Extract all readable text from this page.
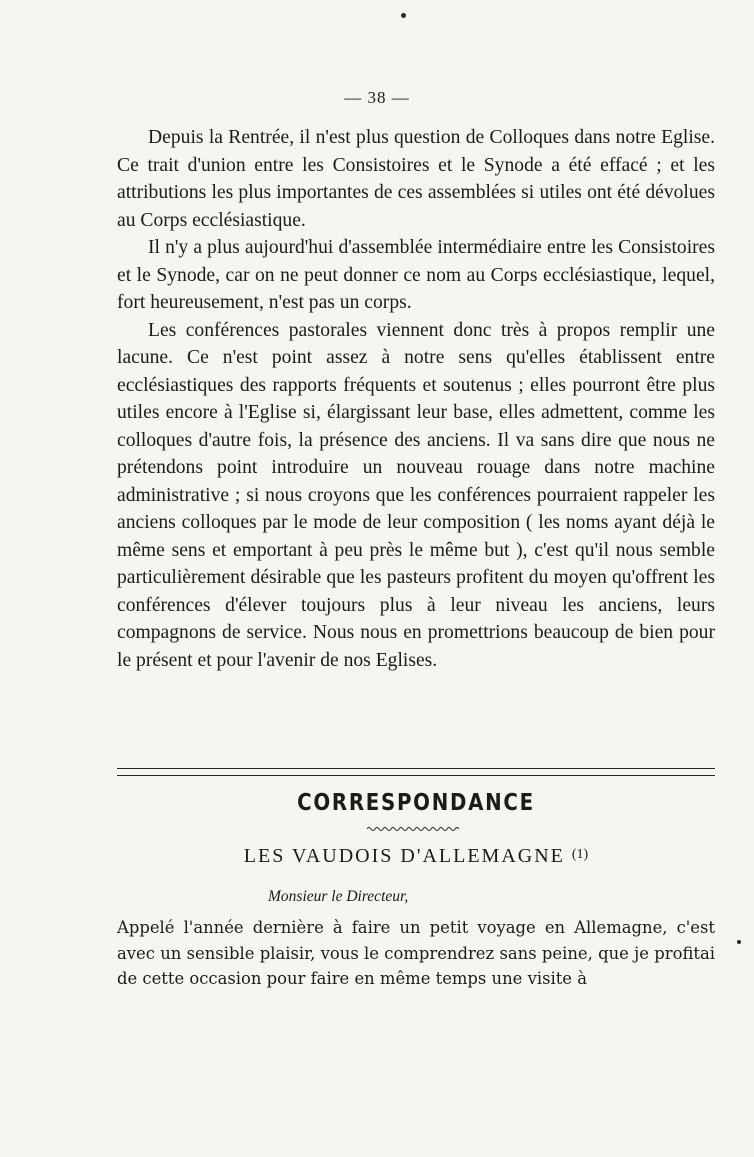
— 38 —

Depuis la Rentrée, il n'est plus question de Colloques dans notre Eglise. Ce trait d'union entre les Consistoires et le Synode a été effacé ; et les attributions les plus importantes de ces assemblées si utiles ont été dévolues au Corps ecclésiastique.

Il n'y a plus aujourd'hui d'assemblée intermédiaire entre les Consistoires et le Synode, car on ne peut donner ce nom au Corps ecclésiastique, lequel, fort heureusement, n'est pas un corps.

Les conférences pastorales viennent donc très à propos remplir une lacune. Ce n'est point assez à notre sens qu'elles établissent entre ecclésiastiques des rapports fréquents et soutenus ; elles pourront être plus utiles encore à l'Eglise si, élargissant leur base, elles admettent, comme les colloques d'autre fois, la présence des anciens. Il va sans dire que nous ne prétendons point introduire un nouveau rouage dans notre machine administrative ; si nous croyons que les conférences pourraient rappeler les anciens colloques par le mode de leur composition ( les noms ayant déjà le même sens et emportant à peu près le même but ), c'est qu'il nous semble particulièrement désirable que les pasteurs profitent du moyen qu'offrent les conférences d'élever toujours plus à leur niveau les anciens, leurs compagnons de service. Nous nous en promettrions beaucoup de bien pour le présent et pour l'avenir de nos Eglises.

CORRESPONDANCE
LES VAUDOIS D'ALLEMAGNE $^{(1)}$
Monsieur le Directeur,

Appelé l'année dernière à faire un petit voyage en Allemagne, c'est avec un sensible plaisir, vous le comprendrez sans peine, que je profitai de cette occasion pour faire en même temps une visite à
